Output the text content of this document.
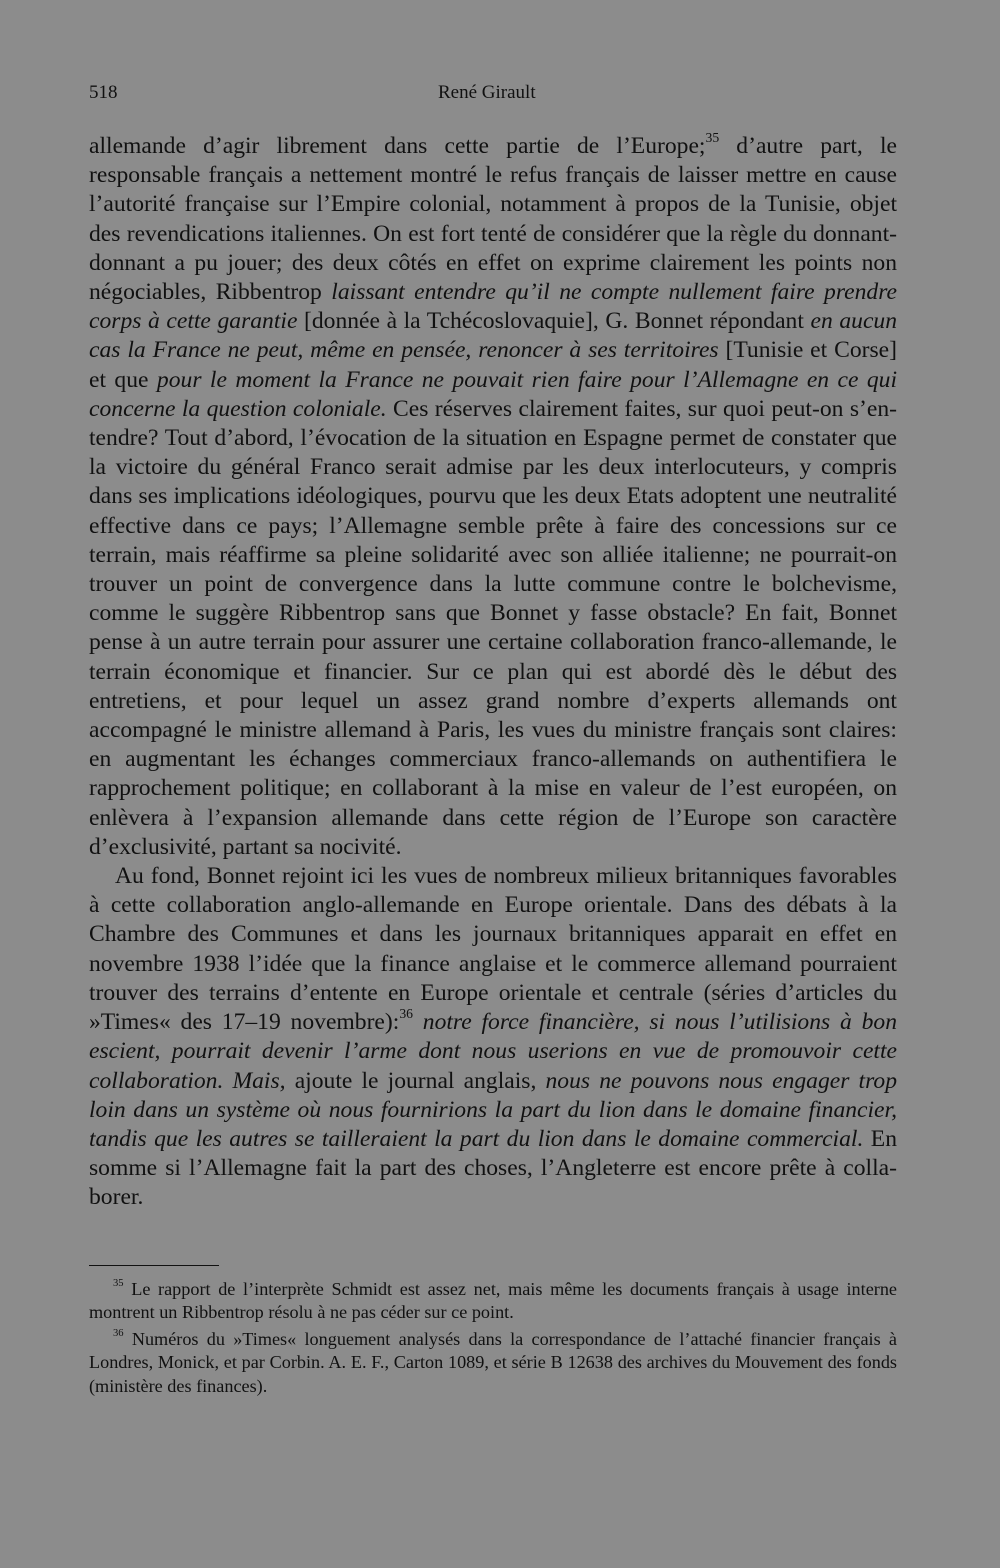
518	René Girault

allemande d’agir librement dans cette partie de l’Europe;$^{35}$ d’autre part, le responsable français a nettement montré le refus français de laisser mettre en cause l’autorité française sur l’Empire colonial, notamment à propos de la Tunisie, objet des revendications italiennes. On est fort tenté de considérer que la règle du donnant-donnant a pu jouer; des deux côtés en effet on exprime clairement les points non négociables, Ribbentrop laissant entendre qu’il ne compte nullement faire prendre corps à cette garantie [donnée à la Tchécoslovaquie], G. Bonnet répondant en aucun cas la France ne peut, même en pensée, renoncer à ses territoires [Tunisie et Corse] et que pour le moment la France ne pouvait rien faire pour l’Allemagne en ce qui concerne la question coloniale. Ces réserves clairement faites, sur quoi peut-on s’entendre? Tout d’abord, l’évocation de la situation en Espagne permet de constater que la victoire du général Franco serait admise par les deux interlocuteurs, y compris dans ses implications idéologiques, pourvu que les deux Etats adoptent une neutralité effective dans ce pays; l’Allemagne semble prête à faire des concessions sur ce terrain, mais réaffirme sa pleine solidarité avec son alliée italienne; ne pourrait-on trouver un point de convergence dans la lutte commune contre le bolchevisme, comme le suggère Ribbentrop sans que Bonnet y fasse obstacle? En fait, Bonnet pense à un autre terrain pour assurer une certaine collaboration franco-allemande, le terrain économique et financier. Sur ce plan qui est abordé dès le début des entretiens, et pour lequel un assez grand nombre d’experts allemands ont accompagné le ministre allemand à Paris, les vues du ministre français sont claires: en augmentant les échanges commerciaux franco-allemands on authentifiera le rapprochement politique; en collaborant à la mise en valeur de l’est européen, on enlèvera à l’expansion allemande dans cette région de l’Europe son caractère d’exclusivité, partant sa nocivité.

Au fond, Bonnet rejoint ici les vues de nombreux milieux britanniques favorables à cette collaboration anglo-allemande en Europe orientale. Dans des débats à la Chambre des Communes et dans les journaux britanniques apparait en effet en novembre 1938 l’idée que la finance anglaise et le commerce allemand pourraient trouver des terrains d’entente en Europe orientale et centrale (séries d’articles du »Times« des 17–19 novembre):$^{36}$ notre force financière, si nous l’utilisions à bon escient, pourrait devenir l’arme dont nous userions en vue de promouvoir cette collaboration. Mais, ajoute le journal anglais, nous ne pouvons nous engager trop loin dans un système où nous fournirions la part du lion dans le domaine financier, tandis que les autres se tailleraient la part du lion dans le domaine commercial. En somme si l’Allemagne fait la part des choses, l’Angleterre est encore prête à collaborer.

$^{35}$ Le rapport de l’interprète Schmidt est assez net, mais même les documents français à usage interne montrent un Ribbentrop résolu à ne pas céder sur ce point.

$^{36}$ Numéros du »Times« longuement analysés dans la correspondance de l’attaché financier français à Londres, Monick, et par Corbin. A. E. F., Carton 1089, et série B 12638 des archives du Mouvement des fonds (ministère des finances).
